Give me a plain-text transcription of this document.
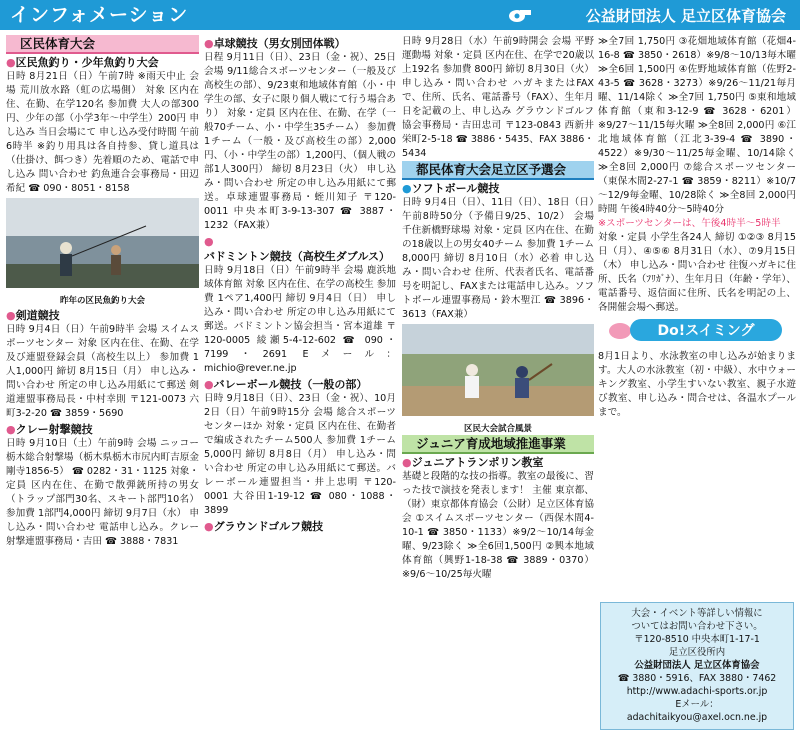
インフォメーション	公益財団法人 足立区体育協会
区民体育大会
●区民魚釣り・少年魚釣り大会

日時 8月21日（日）午前7時 ※雨天中止 会場 荒川放水路（虹の広場側） 対象 区内在住、在勤、在学120名 参加費 大人の部300円、少年の部（小学3年～中学生）200円 申し込み 当日会場にて 申し込み受付時間 午前6時半 ※釣り用具は各自持参、貸し道具は（仕掛け、餌つき）先着順のため、電話で申し込み 問い合わせ 釣魚連合会事務局・田辺希紀 ☎ 090・8051・8158

昨年の区民魚釣り大会
●剣道競技

日時 9月4日（日）午前9時半 会場 スイムスポーツセンター 対象 区内在住、在勤、在学及び連盟登録会員（高校生以上） 参加費 1人1,000円 締切 8月15日（月） 申し込み・問い合わせ 所定の申し込み用紙にて郵送 剣道連盟事務局長・中村幸則 〒121-0073 六町3-2-20 ☎ 3859・5690

●クレー射撃競技

日時 9月10日（土）午前9時 会場 ニッコー栃木総合射撃場（栃木県栃木市尻内町吉原金剛寺1856-5） ☎ 0282・31・1125 対象・定員 区内在住、在勤で散弾銃所持の男女（トラップ部門30名、スキート部門10名） 参加費 1部門4,000円 締切 9月7日（水） 申し込み・問い合わせ 電話申し込み。クレー射撃連盟事務局・吉田 ☎ 3888・7831

●卓球競技（男女別団体戦）

日程 9月11日（日）、23日（金・祝）、25日 会場 9/11総合スポーツセンター（一般及び高校生の部）、9/23東和地域体育館（小・中学生の部、女子に限り個人戦にて行う場合あり） 対象・定員 区内在住、在勤、在学（一般70チーム、小・中学生35チーム） 参加費 1チーム（一般・及び高校生の部）2,000円、（小・中学生の部）1,200円、（個人戦の部1人300円） 締切 8月23日（火） 申し込み・問い合わせ 所定の申し込み用紙にて郵送。卓球連盟事務局・蛭川知子 〒120-0011 中央本町3-9-13-307 ☎ 3887・1232（FAX兼）

●バドミントン競技（高校生ダブルス）

日時 9月18日（日）午前9時半 会場 鹿浜地域体育館 対象 区内在住、在学の高校生 参加費 1ペア1,400円 締切 9月4日（日） 申し込み・問い合わせ 所定の申し込み用紙にて郵送。バドミントン協会担当・宮本道雄 〒120-0005 綾瀬5-4-12-602 ☎ 090・7199・2691 Eメール：michio@rever.ne.jp

●バレーボール競技（一般の部）

日時 9月18日（日）、23日（金・祝）、10月2日（日）午前9時15分 会場 総合スポーツセンターほか 対象・定員 区内在住、在勤者で編成されたチーム500人 参加費 1チーム5,000円 締切 8月8日（月） 申し込み・問い合わせ 所定の申し込み用紙にて郵送。バレーボール連盟担当・井上忠明 〒120-0001 大谷田1-19-12 ☎ 080・1088・3899

●グラウンドゴルフ競技

日時 9月28日（水）午前9時開会 会場 平野運動場 対象・定員 区内在住、在学で20歳以上192名 参加費 800円 締切 8月30日（火） 申し込み・問い合わせ ハガキまたはFAXで、住所、氏名、電話番号（FAX）、生年月日を記載の上、申し込み グラウンドゴルフ協会事務局・吉田忠司 〒123-0843 西新井栄町2-5-18 ☎ 3886・5435、FAX 3886・5434

都民体育大会足立区予選会
●ソフトボール競技

日時 9月4日（日）、11日（日）、18日（日）午前8時50分（予備日9/25、10/2） 会場 千住新橋野球場 対象・定員 区内在住、在勤の18歳以上の男女40チーム 参加費 1チーム8,000円 締切 8月10日（水）必着 申し込み・問い合わせ 住所、代表者氏名、電話番号を明記し、FAXまたは電話申し込み。ソフトボール連盟事務局・鈴木聖江 ☎ 3896・3613（FAX兼）

区民大会試合風景
ジュニア育成地域推進事業
●ジュニアトランポリン教室

基礎と段階的な技の指導。教室の最後に、習った技で演技を発表します！ 主催 東京都、（財）東京都体育協会（公財）足立区体育協会 ①スイムスポーツセンター（西保木間4-10-1 ☎ 3850・1133）※9/2～10/14毎金曜、9/23除く ≫全6回1,500円 ②興本地域体育館（興野1-18-38 ☎ 3889・0370）※9/6～10/25毎火曜

≫全7回 1,750円 ③花畑地域体育館（花畑4-16-8 ☎ 3850・2618）※9/8～10/13毎木曜 ≫全6回 1,500円 ④佐野地域体育館（佐野2-43-5 ☎ 3628・3273）※9/26～11/21毎月曜、11/14除く ≫全7回 1,750円 ⑤東和地域体育館（東和3-12-9 ☎ 3628・6201）※9/27～11/15毎火曜 ≫全8回 2,000円 ⑥江北地域体育館（江北3-39-4 ☎ 3890・4522）※9/30～11/25毎金曜、10/14除く ≫全8回 2,000円 ⑦総合スポーツセンター（東保木間2-27-1 ☎ 3859・8211）※10/7～12/9毎金曜、10/28除く ≫全8回 2,000円 時間 午後4時40分～5時40分

※スポーツセンターは、午後4時半～5時半

対象・定員 小学生各24人 締切 ①②③ 8月15日（月）、④⑤⑥ 8月31日（水）、⑦9月15日（木） 申し込み・問い合わせ 往復ハガキに住所、氏名（ﾌﾘｶﾞﾅ）、生年月日（年齢・学年）、電話番号、返信面に住所、氏名を明記の上、各開催会場へ郵送。

Do!スイミング

8月1日より、水泳教室の申し込みが始まります。大人の水泳教室（初・中級）、水中ウォーキング教室、小学生すいない教室、親子水遊び教室、申し込み・問合せは、各温水プールまで。

大会・イベント等詳しい情報に
ついてはお問い合わせ下さい。
〒120-8510 中央本町1-17-1
足立区役所内
公益財団法人 足立区体育協会
☎ 3880・5916、FAX 3880・7462
http://www.adachi-sports.or.jp
Eメール：adachitaikyou@axel.ocn.ne.jp
